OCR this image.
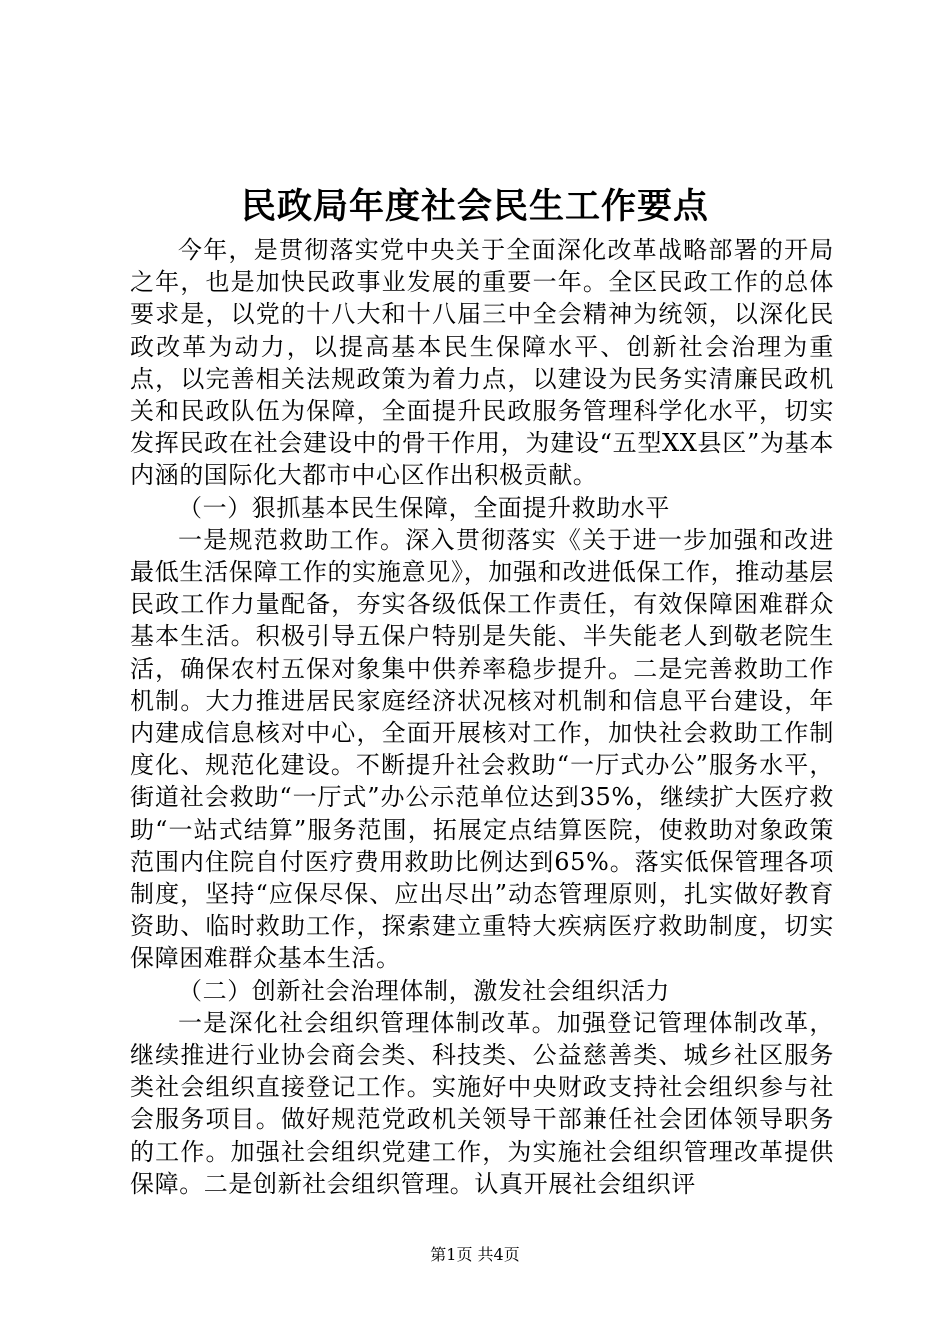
民政局年度社会民生工作要点

今年，是贯彻落实党中央关于全面深化改革战略部署的开局之年，也是加快民政事业发展的重要一年。全区民政工作的总体要求是，以党的十八大和十八届三中全会精神为统领，以深化民政改革为动力，以提高基本民生保障水平、创新社会治理为重点，以完善相关法规政策为着力点，以建设为民务实清廉民政机关和民政队伍为保障，全面提升民政服务管理科学化水平，切实发挥民政在社会建设中的骨干作用，为建设“五型XX县区”为基本内涵的国际化大都市中心区作出积极贡献。

（一）狠抓基本民生保障，全面提升救助水平

一是规范救助工作。深入贯彻落实《关于进一步加强和改进最低生活保障工作的实施意见》，加强和改进低保工作，推动基层民政工作力量配备，夯实各级低保工作责任，有效保障困难群众基本生活。积极引导五保户特别是失能、半失能老人到敬老院生活，确保农村五保对象集中供养率稳步提升。二是完善救助工作机制。大力推进居民家庭经济状况核对机制和信息平台建设，年内建成信息核对中心，全面开展核对工作，加快社会救助工作制度化、规范化建设。不断提升社会救助“一厅式办公”服务水平，街道社会救助“一厅式”办公示范单位达到35%，继续扩大医疗救助“一站式结算”服务范围，拓展定点结算医院，使救助对象政策范围内住院自付医疗费用救助比例达到65%。落实低保管理各项制度，坚持“应保尽保、应出尽出”动态管理原则，扎实做好教育资助、临时救助工作，探索建立重特大疾病医疗救助制度，切实保障困难群众基本生活。

（二）创新社会治理体制，激发社会组织活力

一是深化社会组织管理体制改革。加强登记管理体制改革，继续推进行业协会商会类、科技类、公益慈善类、城乡社区服务类社会组织直接登记工作。实施好中央财政支持社会组织参与社会服务项目。做好规范党政机关领导干部兼任社会团体领导职务的工作。加强社会组织党建工作，为实施社会组织管理改革提供保障。二是创新社会组织管理。认真开展社会组织评

第1页 共4页
